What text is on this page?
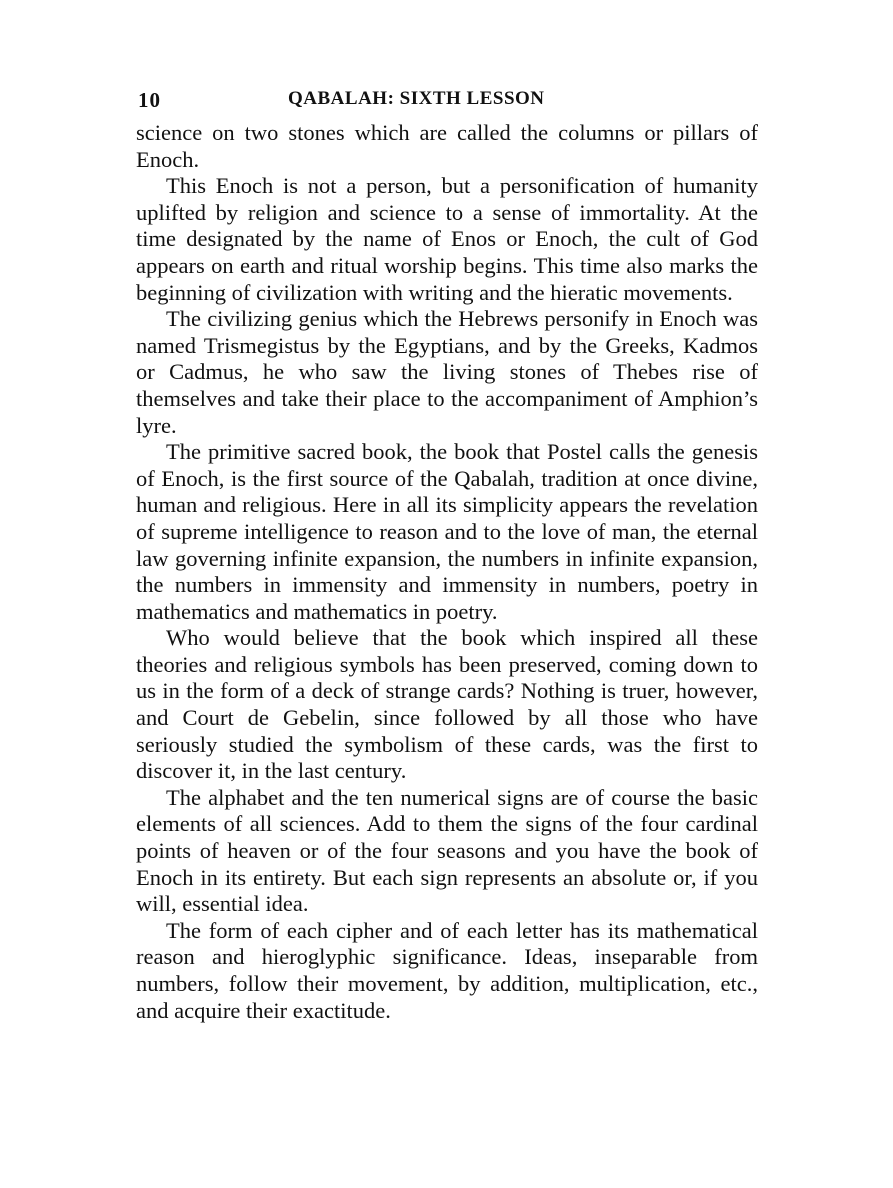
10	QABALAH: SIXTH LESSON

science on two stones which are called the columns or pillars of Enoch.

This Enoch is not a person, but a personification of humanity uplifted by religion and science to a sense of immortality. At the time designated by the name of Enos or Enoch, the cult of God appears on earth and ritual worship begins. This time also marks the beginning of civilization with writing and the hieratic movements.

The civilizing genius which the Hebrews personify in Enoch was named Trismegistus by the Egyptians, and by the Greeks, Kadmos or Cadmus, he who saw the living stones of Thebes rise of themselves and take their place to the accompaniment of Amphion’s lyre.

The primitive sacred book, the book that Postel calls the genesis of Enoch, is the first source of the Qabalah, tradition at once divine, human and religious. Here in all its simplicity appears the revelation of supreme intelligence to reason and to the love of man, the eternal law governing infinite expansion, the numbers in infinite expansion, the numbers in immensity and immensity in numbers, poetry in mathematics and mathematics in poetry.

Who would believe that the book which inspired all these theories and religious symbols has been preserved, coming down to us in the form of a deck of strange cards? Nothing is truer, however, and Court de Gebelin, since followed by all those who have seriously studied the symbolism of these cards, was the first to discover it, in the last century.

The alphabet and the ten numerical signs are of course the basic elements of all sciences. Add to them the signs of the four cardinal points of heaven or of the four seasons and you have the book of Enoch in its entirety. But each sign represents an absolute or, if you will, essential idea.

The form of each cipher and of each letter has its mathematical reason and hieroglyphic significance. Ideas, inseparable from numbers, follow their movement, by addition, multiplication, etc., and acquire their exactitude.
